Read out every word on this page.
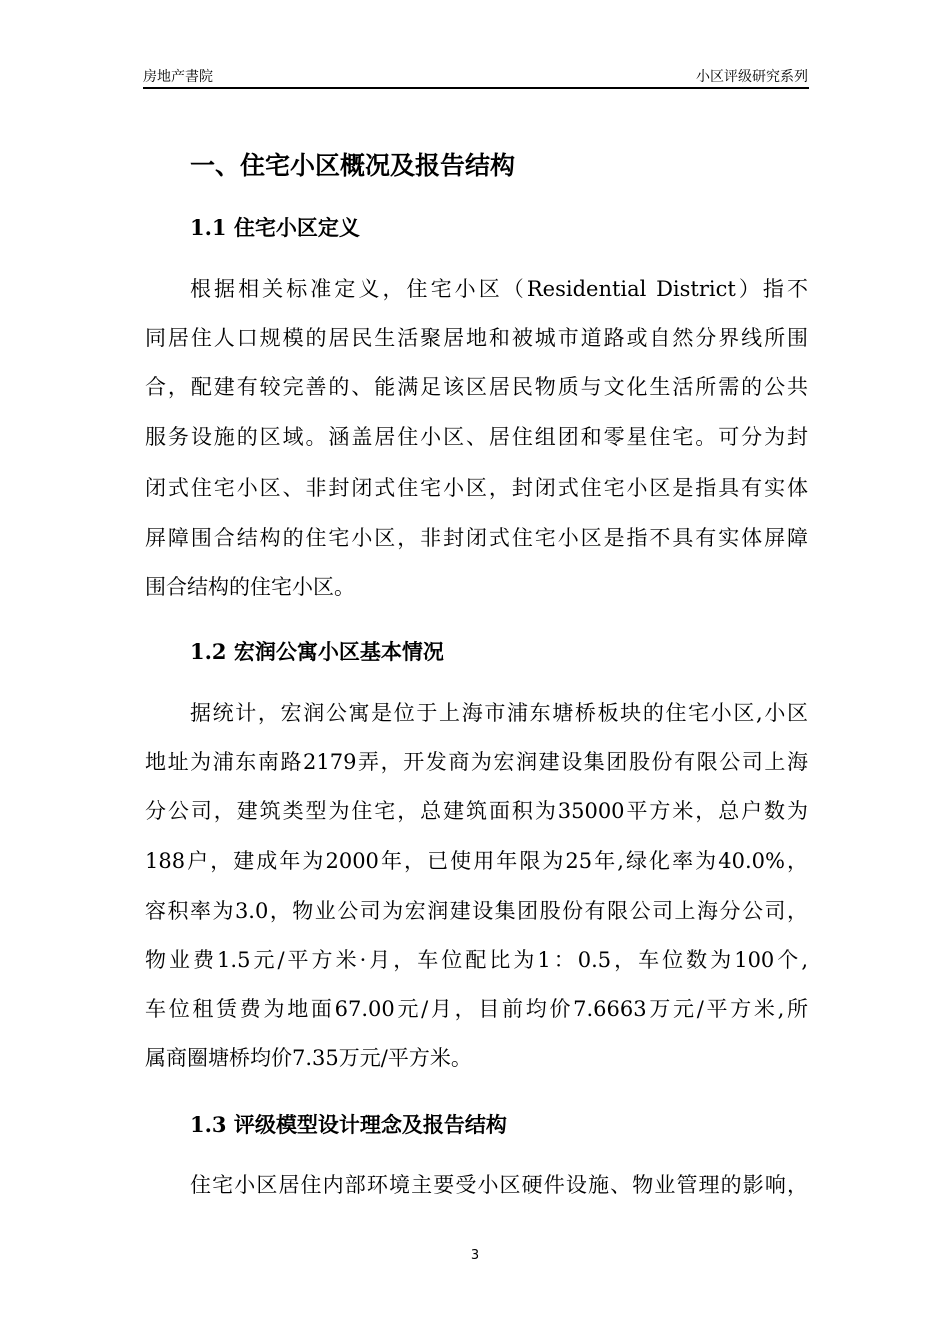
房地产書院	小区评级研究系列
一、住宅小区概况及报告结构
1.1 住宅小区定义
根据相关标准定义，住宅小区（Residential District）指不
同居住人口规模的居民生活聚居地和被城市道路或自然分界线所围
合，配建有较完善的、能满足该区居民物质与文化生活所需的公共
服务设施的区域。涵盖居住小区、居住组团和零星住宅。可分为封
闭式住宅小区、非封闭式住宅小区，封闭式住宅小区是指具有实体
屏障围合结构的住宅小区，非封闭式住宅小区是指不具有实体屏障
围合结构的住宅小区。
1.2 宏润公寓小区基本情况
据统计，宏润公寓是位于上海市浦东塘桥板块的住宅小区,小区
地址为浦东南路2179弄，开发商为宏润建设集团股份有限公司上海
分公司，建筑类型为住宅，总建筑面积为35000平方米，总户数为
188户，建成年为2000年，已使用年限为25年,绿化率为40.0%，
容积率为3.0，物业公司为宏润建设集团股份有限公司上海分公司，
物业费1.5元/平方米·月，车位配比为1：0.5，车位数为100个,
车位租赁费为地面67.00元/月，目前均价7.6663万元/平方米,所
属商圈塘桥均价7.35万元/平方米。
1.3 评级模型设计理念及报告结构
住宅小区居住内部环境主要受小区硬件设施、物业管理的影响，
3
